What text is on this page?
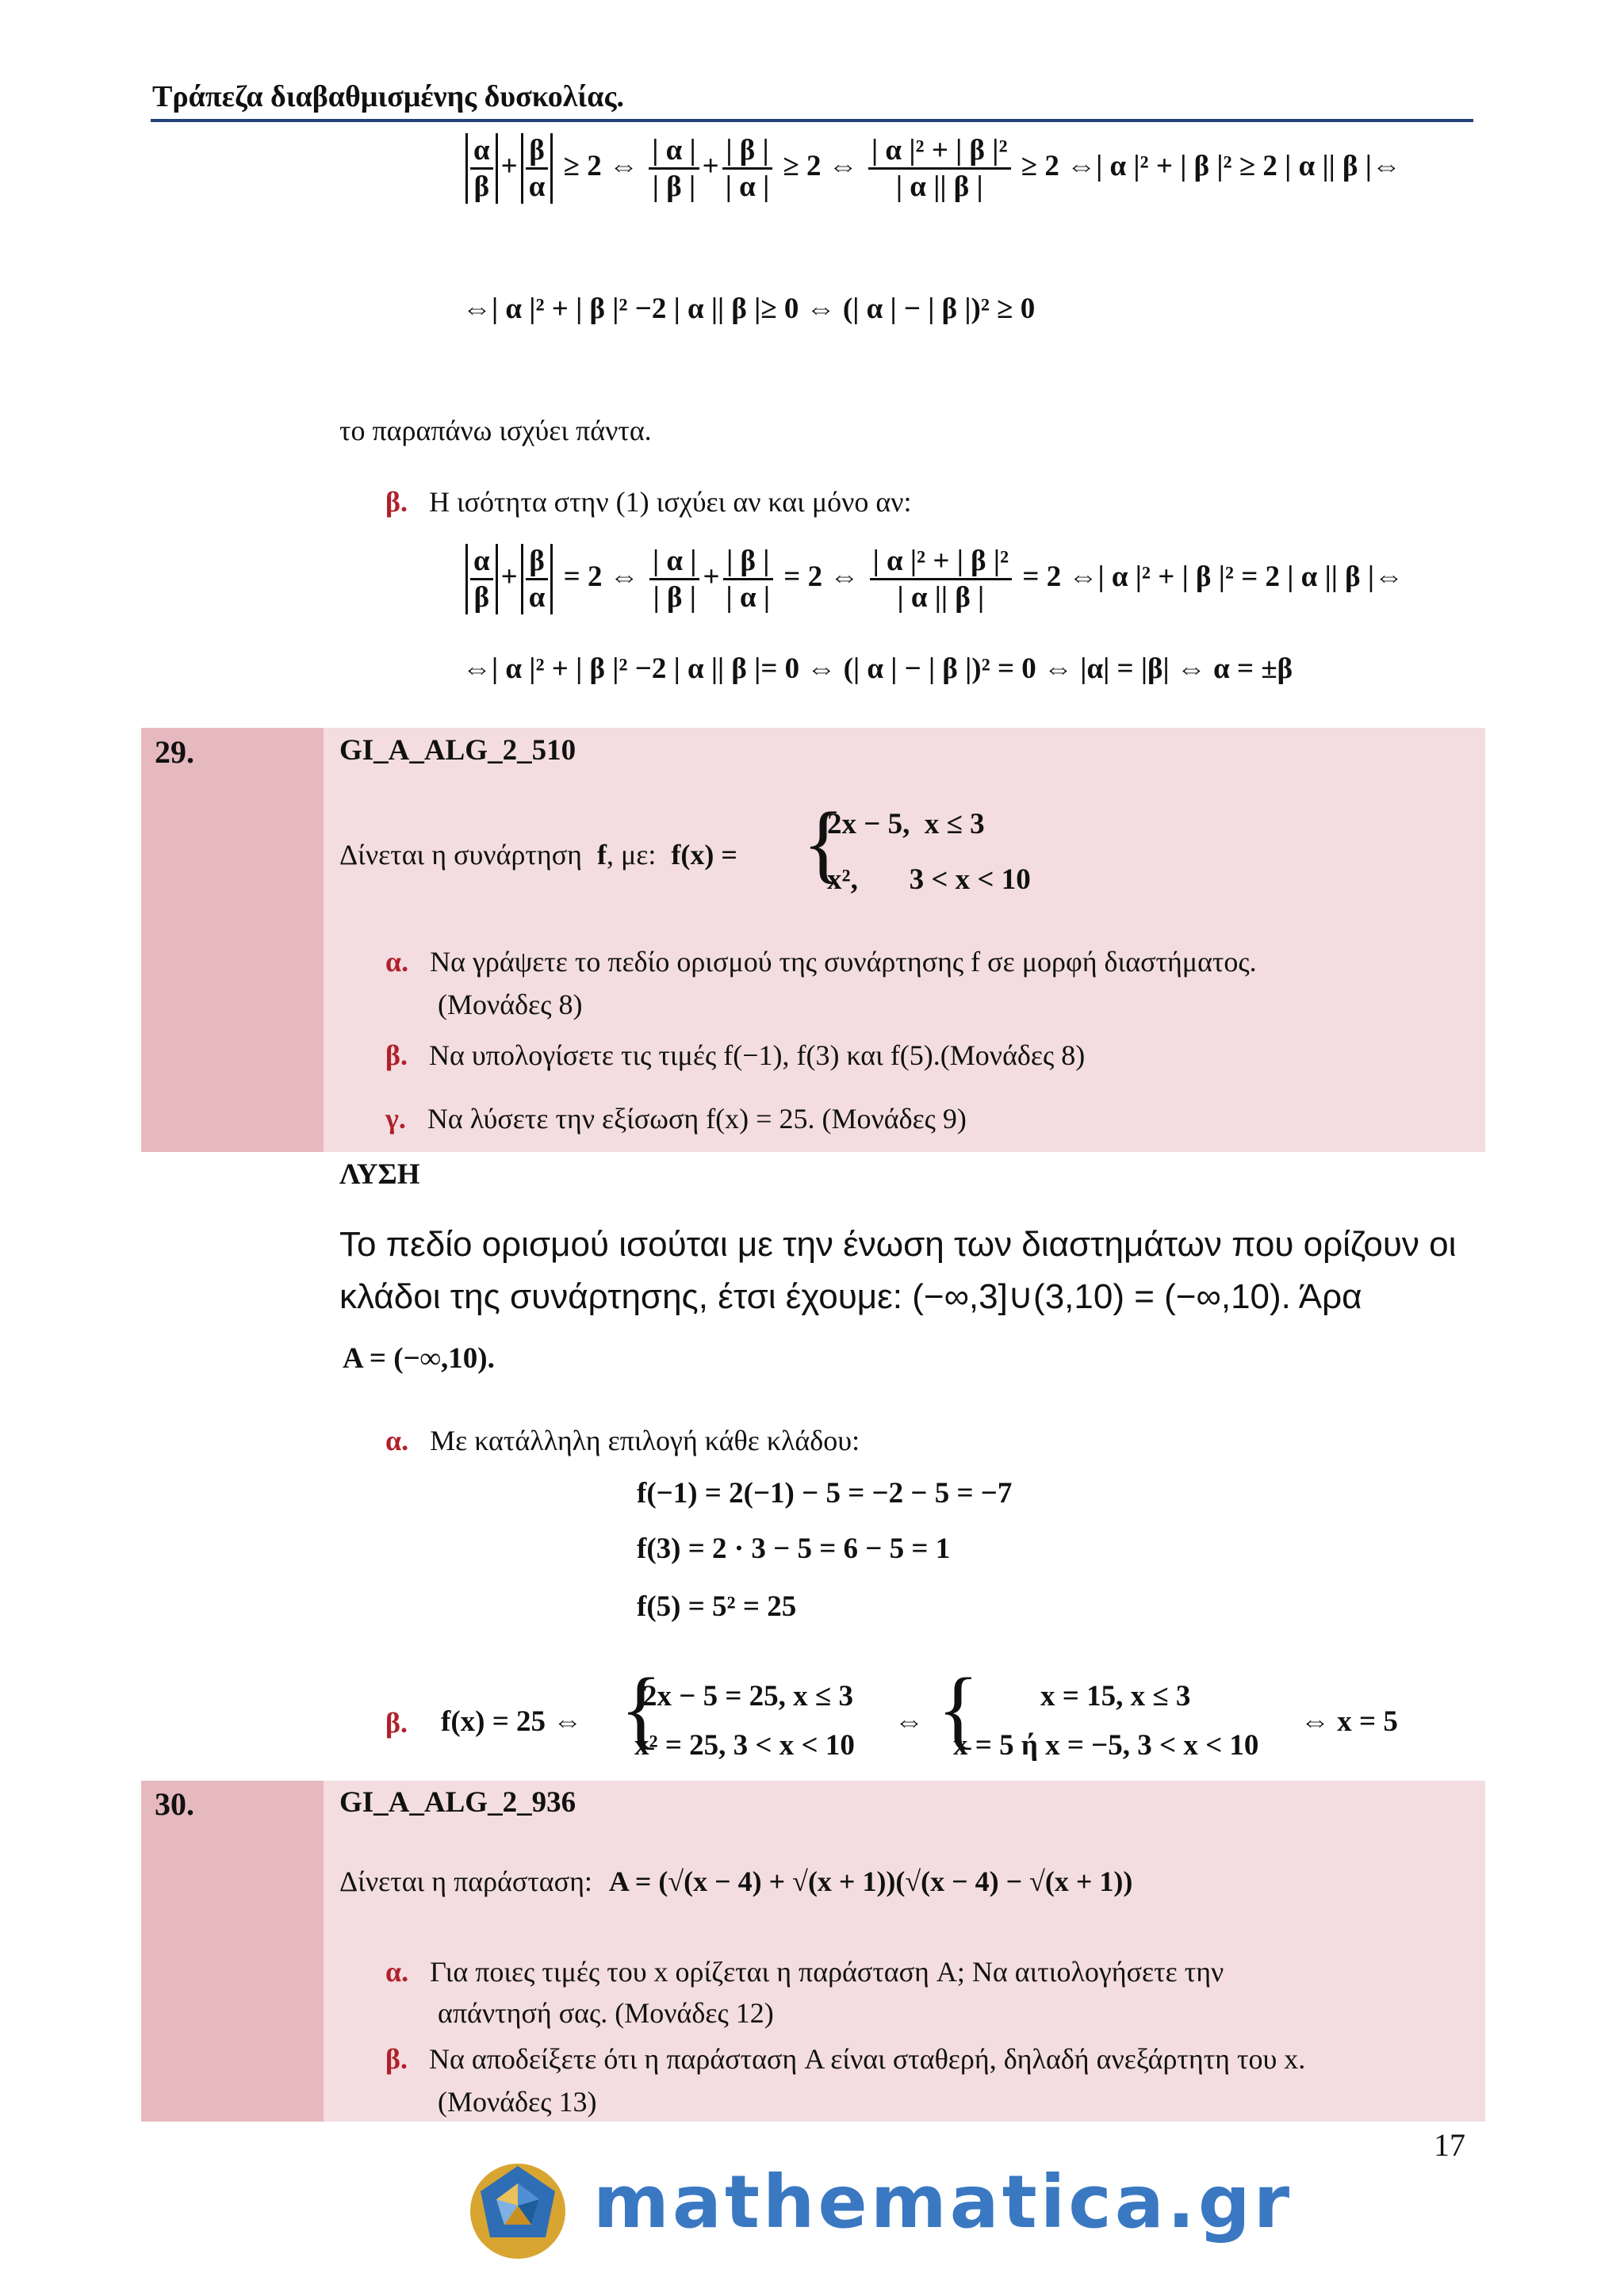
Τράπεζα διαβαθμισμένης δυσκολίας.
$\frac{\alpha}{\beta} + \frac{\beta}{\alpha} \ge 2$ ⇔ $\frac{| \alpha |}{| \beta |} + \frac{| \beta |}{| \alpha |} \ge 2$ ⇔ $\frac{\text{| α |² + | β |²}}{| \alpha || \beta |} \ge 2$ ⇔| α |² + | β |² ≥ 2 | α || β |⇔
⇔| α |² + | β |² −2 | α || β |≥ 0 ⇔ (| α | − | β |)² ≥ 0
το παραπάνω ισχύει πάντα.
β. Η ισότητα στην (1) ισχύει αν και μόνο αν:
$\frac{\alpha}{\beta} + \frac{\beta}{\alpha} = 2$ ⇔ $\frac{| \alpha |}{| \beta |} + \frac{| \beta |}{| \alpha |} = 2$ ⇔ $\frac{\text{| α |² + | β |²}}{| \alpha || \beta |} = 2$ ⇔| α |² + | β |² = 2 | α || β |⇔
⇔| α |² + | β |² −2 | α || β |= 0 ⇔ (| α | − | β |)² = 0 ⇔ |α| = |β| ⇔ α = ±β
29.	GI_A_ALG_2_510
Δίνεται η συνάρτηση f, με: f(x) = {
2x − 5,  x ≤ 3
x²,       3 < x < 10
α. Να γράψετε το πεδίο ορισμού της συνάρτησης f σε μορφή διαστήματος.
(Μονάδες 8)
β. Να υπολογίσετε τις τιμές f(−1), f(3) και f(5).(Μονάδες 8)
γ. Να λύσετε την εξίσωση f(x) = 25. (Μονάδες 9)
ΛΥΣΗ
Το πεδίο ορισμού ισούται με την ένωση των διαστημάτων που ορίζουν οι
κλάδοι της συνάρτησης, έτσι έχουμε: (−∞,3]∪(3,10) = (−∞,10). Άρα
A = (−∞,10).
α. Με κατάλληλη επιλογή κάθε κλάδου:
f(−1) = 2(−1) − 5 = −2 − 5 = −7
f(3) = 2 · 3 − 5 = 6 − 5 = 1
f(5) = 5² = 25
β. f(x) = 25 ⇔ {
2x − 5 = 25, x ≤ 3
x² = 25, 3 < x < 10
⇔ { x = 15, x ≤ 3
x = 5 ή x = −5, 3 < x < 10
⇔ x = 5
30.	GI_A_ALG_2_936
Δίνεται η παράσταση: A = (√(x − 4) + √(x + 1))(√(x − 4) − √(x + 1))
α. Για ποιες τιμές του x ορίζεται η παράσταση A; Να αιτιολογήσετε την
απάντησή σας. (Μονάδες 12)
β. Να αποδείξετε ότι η παράσταση A είναι σταθερή, δηλαδή ανεξάρτητη του x.
(Μονάδες 13)
17
mathematica.gr
